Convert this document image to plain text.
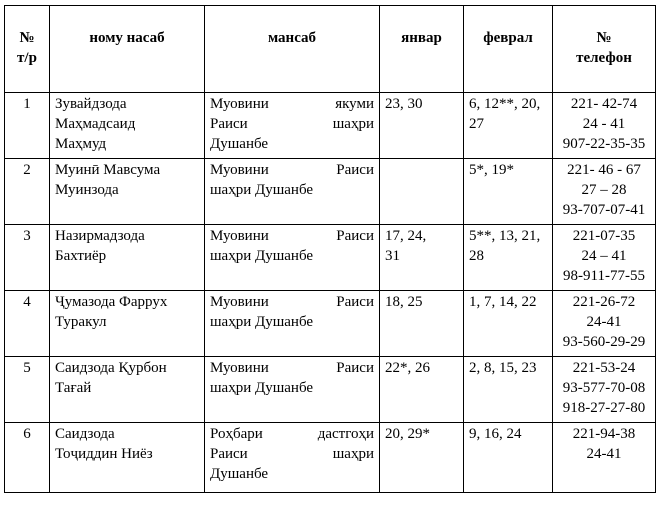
№
т/р	ному насаб	мансаб	январ	феврал	№
телефон

1	Зувайдзода
Маҳмадсаид
Маҳмуд	Муовини якуми
Раиси шаҳри
Душанбе	23, 30	6, 12**, 20,
27	221- 42-74
24 - 41
907-22-35-35

2	Муинӣ Мавсума
Муинзода	Муовини Раиси
шаҳри Душанбе		5*, 19*	221- 46 - 67
27 – 28
93-707-07-41

3	Назирмадзода
Бахтиёр	Муовини Раиси
шаҳри Душанбе	17, 24,
31	5**, 13, 21,
28	221-07-35
24 – 41
98-911-77-55

4	Ҷумазода Фаррух
Туракул	Муовини Раиси
шаҳри Душанбе	18, 25	1, 7, 14, 22	221-26-72
24-41
93-560-29-29

5	Саидзода Қурбон
Тағай	Муовини Раиси
шаҳри Душанбе	22*, 26	2, 8, 15, 23	221-53-24
93-577-70-08
918-27-27-80

6	Саидзода
Тоҷиддин Ниёз	Роҳбари дастгоҳи
Раиси шаҳри
Душанбе	20, 29*	9, 16, 24	221-94-38
24-41
